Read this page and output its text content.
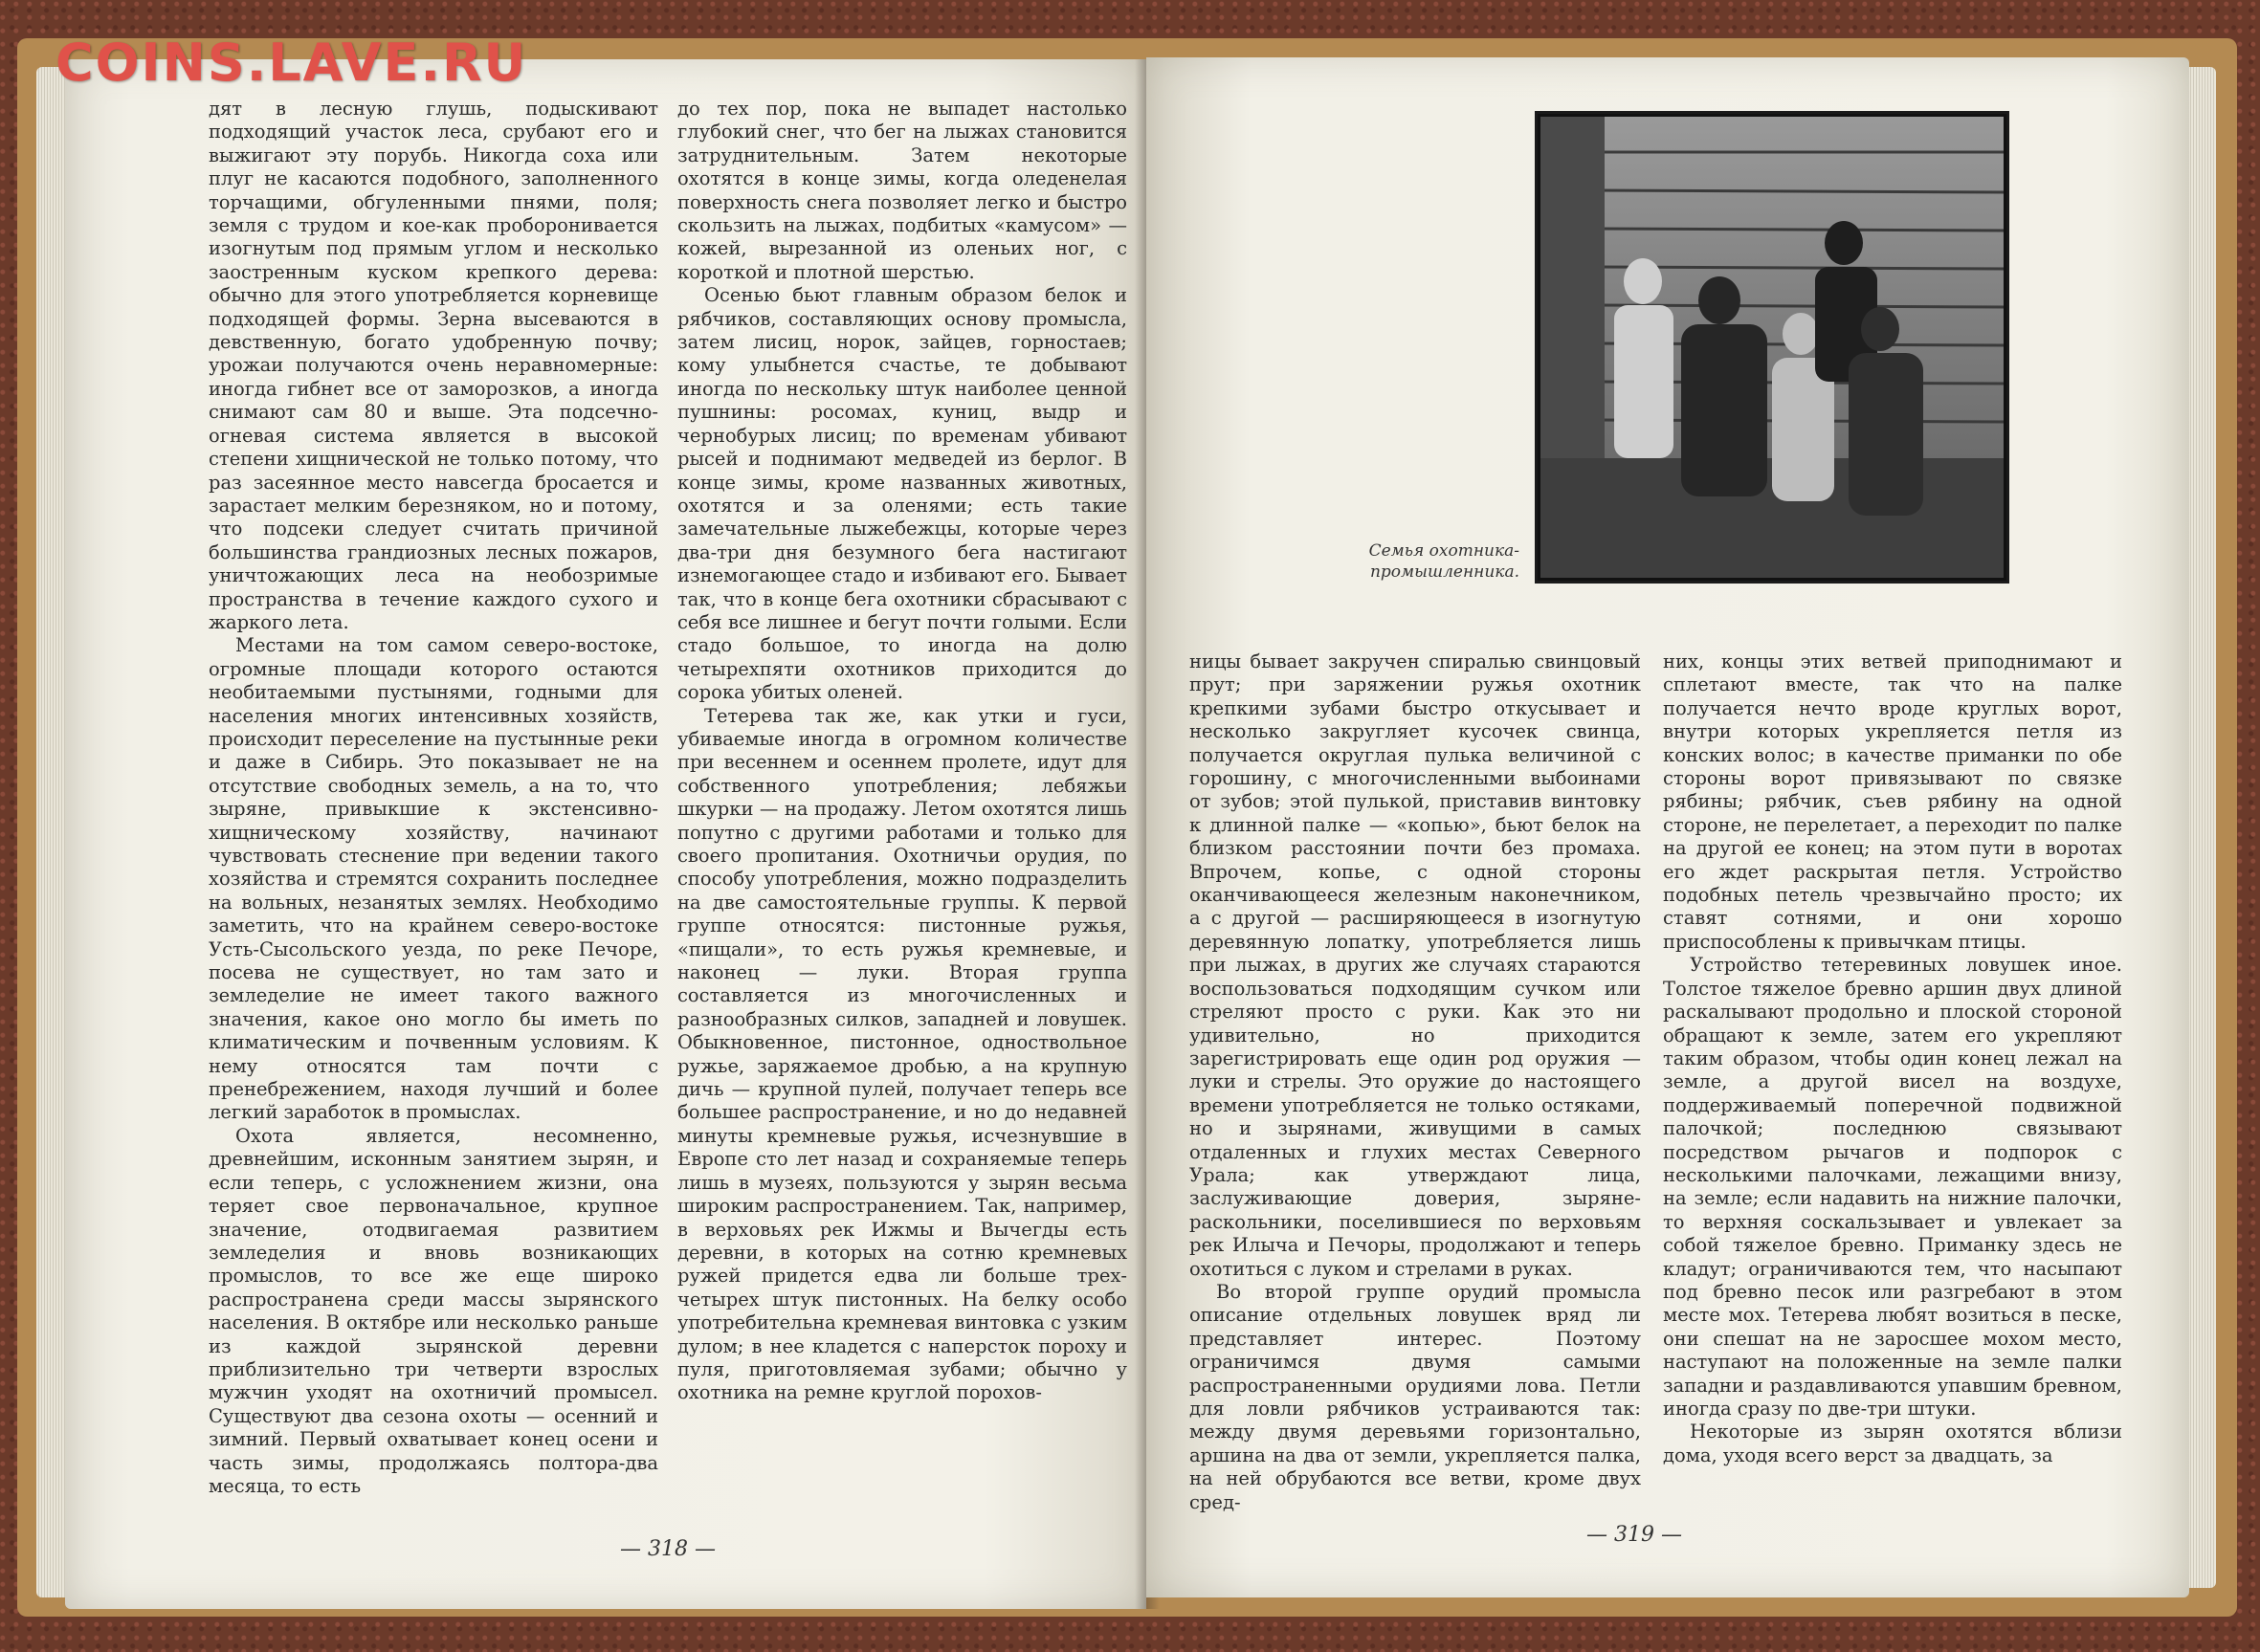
COINS.LAVE.RU

дят в лесную глушь, подыскивают подходящий участок леса, срубают его и выжигают эту порубь. Никогда соха или плуг не касаются подобного, заполненного торчащими, обгуленными пнями, поля; земля с трудом и кое-как проборонивается изогнутым под прямым углом и несколько заостренным куском крепкого дерева: обычно для этого употребляется корневище подходящей формы. Зерна высеваются в девственную, богато удобренную почву; урожаи получаются очень неравномерные: иногда гибнет все от заморозков, а иногда снимают сам 80 и выше. Эта подсечно-огневая система является в высокой степени хищнической не только потому, что раз засеянное место навсегда бросается и зарастает мелким березняком, но и потому, что подсеки следует считать причиной большинства грандиозных лесных пожаров, уничтожающих леса на необозримые пространства в течение каждого сухого и жаркого лета.

Местами на том самом северо-востоке, огромные площади которого остаются необитаемыми пустынями, годными для населения многих интенсивных хозяйств, происходит переселение на пустынные реки и даже в Сибирь. Это показывает не на отсутствие свободных земель, а на то, что зыряне, привыкшие к экстенсивно-хищническому хозяйству, начинают чувствовать стеснение при ведении такого хозяйства и стремятся сохранить последнее на вольных, незанятых землях. Необходимо заметить, что на крайнем северо-востоке Усть-Сысольского уезда, по реке Печоре, посева не существует, но там зато и земледелие не имеет такого важного значения, какое оно могло бы иметь по климатическим и почвенным условиям. К нему относятся там почти с пренебрежением, находя лучший и более легкий заработок в промыслах.

Охота является, несомненно, древнейшим, исконным занятием зырян, и если теперь, с усложнением жизни, она теряет свое первоначальное, крупное значение, отодвигаемая развитием земледелия и вновь возникающих промыслов, то все же еще широко распространена среди массы зырянского населения. В октябре или несколько раньше из каждой зырянской деревни приблизительно три четверти взрослых мужчин уходят на охотничий промысел. Существуют два сезона охоты — осенний и зимний. Первый охватывает конец осени и часть зимы, продолжаясь полтора-два месяца, то есть

до тех пор, пока не выпадет настолько глубокий снег, что бег на лыжах становится затруднительным. Затем некоторые охотятся в конце зимы, когда оледенелая поверхность снега позволяет легко и быстро скользить на лыжах, подбитых «камусом» — кожей, вырезанной из оленьих ног, с короткой и плотной шерстью.

Осенью бьют главным образом белок и рябчиков, составляющих основу промысла, затем лисиц, норок, зайцев, горностаев; кому улыбнется счастье, те добывают иногда по нескольку штук наиболее ценной пушнины: росомах, куниц, выдр и чернобурых лисиц; по временам убивают рысей и поднимают медведей из берлог. В конце зимы, кроме названных животных, охотятся и за оленями; есть такие замечательные лыжебежцы, которые через два-три дня безумного бега настигают изнемогающее стадо и избивают его. Бывает так, что в конце бега охотники сбрасывают с себя все лишнее и бегут почти голыми. Если стадо большое, то иногда на долю четырехпяти охотников приходится до сорока убитых оленей.

Тетерева так же, как утки и гуси, убиваемые иногда в огромном количестве при весеннем и осеннем пролете, идут для собственного употребления; лебяжьи шкурки — на продажу. Летом охотятся лишь попутно с другими работами и только для своего пропитания. Охотничьи орудия, по способу употребления, можно подразделить на две самостоятельные группы. К первой группе относятся: пистонные ружья, «пищали», то есть ружья кремневые, и наконец — луки. Вторая группа составляется из многочисленных и разнообразных силков, западней и ловушек. Обыкновенное, пистонное, одноствольное ружье, заряжаемое дробью, а на крупную дичь — крупной пулей, получает теперь все большее распространение, и но до недавней минуты кремневые ружья, исчезнувшие в Европе сто лет назад и сохраняемые теперь лишь в музеях, пользуются у зырян весьма широким распространением. Так, например, в верховьях рек Ижмы и Вычегды есть деревни, в которых на сотню кремневых ружей придется едва ли больше трех-четырех штук пистонных. На белку особо употребительна кремневая винтовка с узким дулом; в нее кладется с наперсток пороху и пуля, приготовляемая зубами; обычно у охотника на ремне круглой порохов-

— 318 —

ницы бывает закручен спиралью свинцовый прут; при заряжении ружья охотник крепкими зубами быстро откусывает и несколько закругляет кусочек свинца, получается округлая пулька величиной с горошину, с многочисленными выбоинами от зубов; этой пулькой, приставив винтовку к длинной палке — «копью», бьют белок на близком расстоянии почти без промаха. Впрочем, копье, с одной стороны оканчивающееся железным наконечником, а с другой — расширяющееся в изогнутую деревянную лопатку, употребляется лишь при лыжах, в других же случаях стараются воспользоваться подходящим сучком или стреляют просто с руки. Как это ни удивительно, но приходится зарегистрировать еще один род оружия — луки и стрелы. Это оружие до настоящего времени употребляется не только остяками, но и зырянами, живущими в самых отдаленных и глухих местах Северного Урала; как утверждают лица, заслуживающие доверия, зыряне-раскольники, поселившиеся по верховьям рек Илыча и Печоры, продолжают и теперь охотиться с луком и стрелами в руках.

Во второй группе орудий промысла описание отдельных ловушек вряд ли представляет интерес. Поэтому ограничимся двумя самыми распространенными орудиями лова. Петли для ловли рябчиков устраиваются так: между двумя деревьями горизонтально, аршина на два от земли, укрепляется палка, на ней обрубаются все ветви, кроме двух сред-

них, концы этих ветвей приподнимают и сплетают вместе, так что на палке получается нечто вроде круглых ворот, внутри которых укрепляется петля из конских волос; в качестве приманки по обе стороны ворот привязывают по связке рябины; рябчик, съев рябину на одной стороне, не перелетает, а переходит по палке на другой ее конец; на этом пути в воротах его ждет раскрытая петля. Устройство подобных петель чрезвычайно просто; их ставят сотнями, и они хорошо приспособлены к привычкам птицы.

Устройство тетеревиных ловушек иное. Толстое тяжелое бревно аршин двух длиной раскалывают продольно и плоской стороной обращают к земле, затем его укрепляют таким образом, чтобы один конец лежал на земле, а другой висел на воздухе, поддерживаемый поперечной подвижной палочкой; последнюю связывают посредством рычагов и подпорок с несколькими палочками, лежащими внизу, на земле; если надавить на нижние палочки, то верхняя соскальзывает и увлекает за собой тяжелое бревно. Приманку здесь не кладут; ограничиваются тем, что насыпают под бревно песок или разгребают в этом месте мох. Тетерева любят возиться в песке, они спешат на не заросшее мохом место, наступают на положенные на земле палки западни и раздавливаются упавшим бревном, иногда сразу по две-три штуки.

Некоторые из зырян охотятся вблизи дома, уходя всего верст за двадцать, за

— 319 —
Семья охотника-промышленника.
